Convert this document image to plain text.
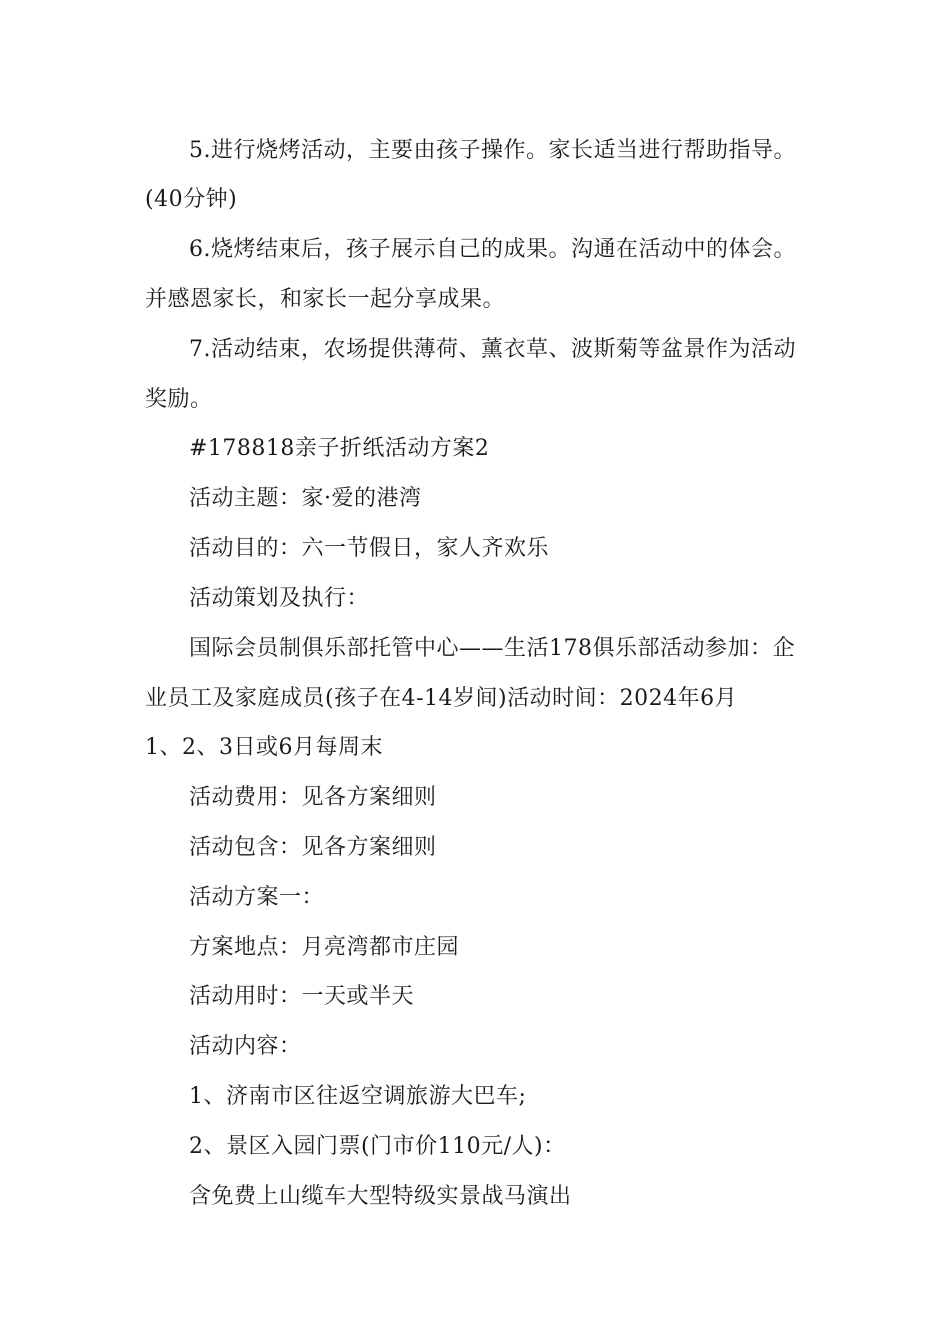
5.进行烧烤活动，主要由孩子操作。家长适当进行帮助指导。
(40分钟)
6.烧烤结束后，孩子展示自己的成果。沟通在活动中的体会。
并感恩家长，和家长一起分享成果。
7.活动结束，农场提供薄荷、薰衣草、波斯菊等盆景作为活动
奖励。
#178818亲子折纸活动方案2
活动主题：家·爱的港湾
活动目的：六一节假日，家人齐欢乐
活动策划及执行：
国际会员制俱乐部托管中心——生活178俱乐部活动参加：企
业员工及家庭成员(孩子在4-14岁间)活动时间：2024年6月
1、2、3日或6月每周末
活动费用：见各方案细则
活动包含：见各方案细则
活动方案一：
方案地点：月亮湾都市庄园
活动用时：一天或半天
活动内容：
1、济南市区往返空调旅游大巴车;
2、景区入园门票(门市价110元/人)：
含免费上山缆车大型特级实景战马演出
